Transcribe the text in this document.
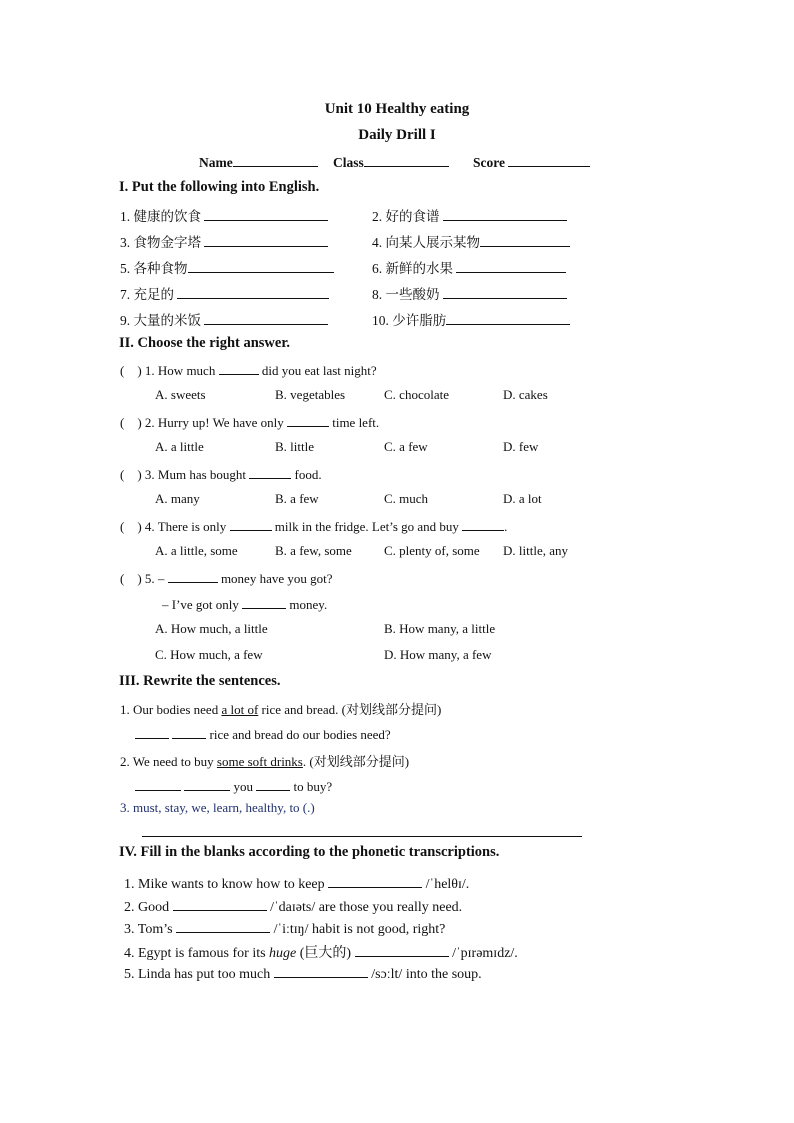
Unit 10 Healthy eating
Daily Drill I
Name	Class	Score
I. Put the following into English.
1. 健康的饮食	2. 好的食谱
3. 食物金字塔	4. 向某人展示某物
5. 各种食物	6. 新鲜的水果
7. 充足的	8. 一些酸奶
9. 大量的米饭	10. 少许脂肪
II. Choose the right answer.
(    ) 1. How much	did you eat last night?
A. sweets	B. vegetables	C. chocolate	D. cakes
(    ) 2. Hurry up! We have only	time left.
A. a little	B. little	C. a few	D. few
(    ) 3. Mum has bought	food.
A. many	B. a few	C. much	D. a lot
(    ) 4. There is only	milk in the fridge. Let’s go and buy	.
A. a little, some	B. a few, some C. plenty of, some D. little, any
(    ) 5. –	money have you got?
– I’ve got only	money.
A. How much, a little	B. How many, a little
C. How much, a few	D. How many, a few
III. Rewrite the sentences.
1. Our bodies need a lot of rice and bread. (对划线部分提问)
rice and bread do our bodies need?
2. We need to buy some soft drinks. (对划线部分提问)
you	to buy?
3. must, stay, we, learn, healthy, to (.)
IV. Fill in the blanks according to the phonetic transcriptions.
1. Mike wants to know how to keep	/ˈhelθɪ/.
2. Good	/ˈdaɪəts/ are those you really need.
3. Tom’s	/ˈiːtɪŋ/ habit is not good, right?
4. Egypt is famous for its huge (巨大的)	/ˈpɪrəmɪdz/.
5. Linda has put too much	/sɔːlt/ into the soup.
